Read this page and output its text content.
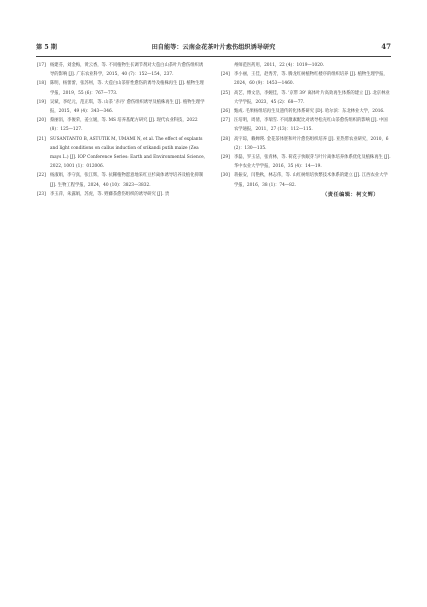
第 5 期	田自能等：云南金花茶叶片愈伤组织诱导研究	47
[17] 杨建芬，刘金梅，黄云香，等. 不同植物生长调节剂对大苞白山茶叶片愈伤组织诱导的影响 [J]. 广东农业科学，2015，40 (7)：152—154，237.
[18] 陈明，杨蕾蕾，张苏州，等. 大苞白山茶肝性愈伤的诱导及植株再生 [J]. 植物生理学报，2019，55 (6)：767—773.
[19] 吴斌，李纪元，范正琪，等. 山茶 '赤丹' 愈伤组织诱导及植株再生 [J]. 植物生理学报，2015，49 (4)：343—346.
[20] 蔡丽涓，李俊荣，姜立媛，等. MS 培养基配方研究 [J]. 现代农业科技，2022 (8)：125—127.
[21] SUSANTANTO B, ASTUTIK M, UMAMI N, et al. The effect of explants and light conditions on callus induction of srikandi putih maize (Zea mays L.) [J]. IOP Conference Series: Earth and Environmental Science, 2022, 1001 (1)：012006.
[22] 杨淑娟，李守真，张江辉，等. 抗稀植物愿意地采红豆杉离体诱导培养及植化抑制 [J]. 生物工程学报，2024，40 (10)：3823—3832.
[23] 李玉萍，朱露娟，苏虎，等. 野藤茶愈伤组织的诱导研究 [J]. 贵
州师范医药用，2011，22 (4)：1019—1020.
[24] 李小丽，王佳，赵秀芳，等. 腾龙红树植物红楼序的组织培养 [J]. 植物生理学报，2024，60 (9)：1453—1460.
[25] 高艺，傅文浩，李婉佳，等. '京带 39' 离体叶片高效再生体系的建立 [J]. 北京林业大学学报，2023，45 (2)：68—77.
[26] 甄成. 毛果杨组培再生及遗传转化体系研究 [D]. 哈尔滨：东北林业大学，2016.
[27] 汪培明，周倩，李瑞雪. 不同激素配比对诱导松壳红山茶愈伤组织的影响 [J]. 中国农学通报，2011，27 (13)：112—115.
[28] 高宇琼，赖婵瑛. 金花茶体胚和叶片愈伤组织培养 [J]. 亚热带农业研究，2010，6 (2)：130—135.
[29] 李磊，罗玉洁，张青林，等. 荷花子快眠芽与叶片离体培养体系优化及植株再生 [J]. 华中农业大学学报，2016，35 (4)：14—19.
[30] 蒋振安，闫艳秋，林志伟，等. 山红树组培快繁技术体系的建立 [J]. 江西农业大学学报，2016，38 (1)：74—82.
（责任编辑：柯文辉）
